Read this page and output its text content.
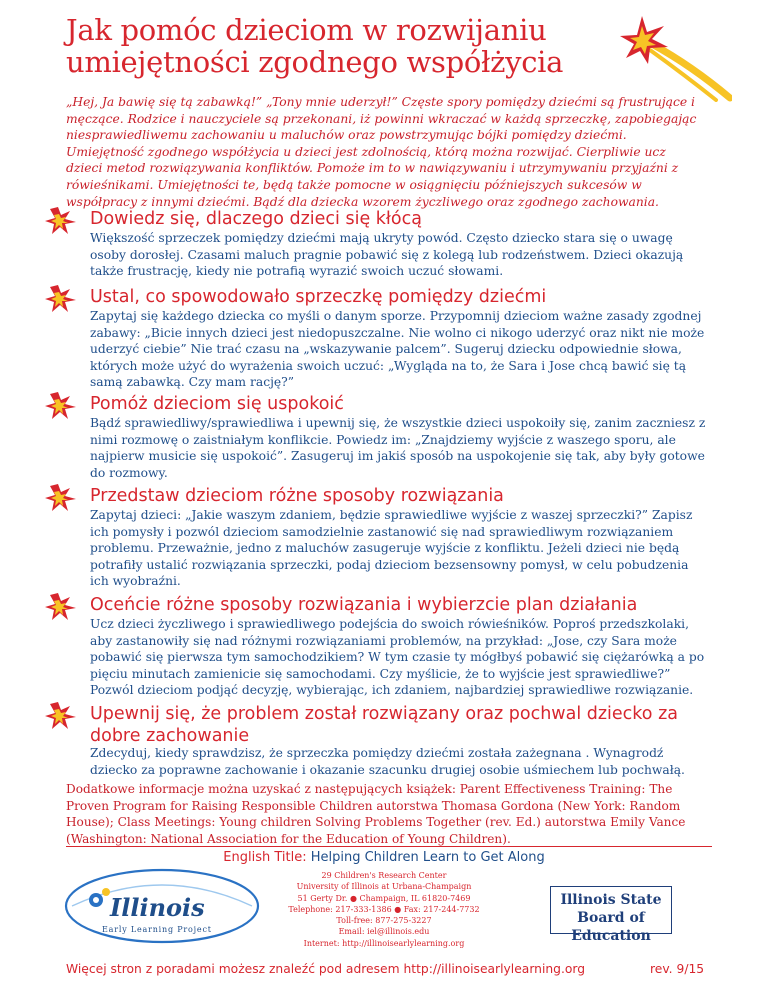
Jak pomóc dzieciom w rozwijaniu
umiejętności zgodnego współżycia

„Hej, Ja bawię się tą zabawką!” „Tony mnie uderzył!” Częste spory pomiędzy dziećmi są frustrujące i męczące. Rodzice i nauczyciele są przekonani, iż powinni wkraczać w każdą sprzeczkę, zapobiegając niesprawiedliwemu zachowaniu u maluchów oraz powstrzymując bójki pomiędzy dziećmi. Umiejętność zgodnego współżycia u dzieci jest zdolnością, którą można rozwijać. Cierpliwie ucz dzieci metod rozwiązywania konfliktów. Pomoże im to w nawiązywaniu i utrzymywaniu przyjaźni z rówieśnikami. Umiejętności te, będą także pomocne w osiągnięciu późniejszych sukcesów w współpracy z innymi dziećmi. Bądź dla dziecka wzorem życzliwego oraz zgodnego zachowania.

Dowiedz się, dlaczego dzieci się kłócą

Większość sprzeczek pomiędzy dziećmi mają ukryty powód. Często dziecko stara się o uwagę osoby dorosłej. Czasami maluch pragnie pobawić się z kolegą lub rodzeństwem. Dzieci okazują także frustrację, kiedy nie potrafią wyrazić swoich uczuć słowami.

Ustal, co spowodowało sprzeczkę pomiędzy dziećmi

Zapytaj się każdego dziecka co myśli o danym sporze. Przypomnij dzieciom ważne zasady zgodnej zabawy: „Bicie innych dzieci jest niedopuszczalne. Nie wolno ci nikogo uderzyć oraz nikt nie może uderzyć ciebie” Nie trać czasu na „wskazywanie palcem”. Sugeruj dziecku odpowiednie słowa, których może użyć do wyrażenia swoich uczuć: „Wygląda na to, że Sara i Jose chcą bawić się tą samą zabawką. Czy mam rację?”

Pomóż dzieciom się uspokoić

Bądź sprawiedliwy/sprawiedliwa i upewnij się, że wszystkie dzieci uspokoiły się, zanim zaczniesz z nimi rozmowę o zaistniałym konflikcie. Powiedz im: „Znajdziemy wyjście z waszego sporu, ale najpierw musicie się uspokoić”. Zasugeruj im jakiś sposób na uspokojenie się tak, aby były gotowe do rozmowy.

Przedstaw dzieciom różne sposoby rozwiązania

Zapytaj dzieci: „Jakie waszym zdaniem, będzie sprawiedliwe wyjście z waszej sprzeczki?” Zapisz ich pomysły i pozwól dzieciom samodzielnie zastanowić się nad sprawiedliwym rozwiązaniem problemu. Przeważnie, jedno z maluchów zasugeruje wyjście z konfliktu. Jeżeli dzieci nie będą potrafiły ustalić rozwiązania sprzeczki, podaj dzieciom bezsensowny pomysł, w celu pobudzenia ich wyobraźni.

Oceńcie różne sposoby rozwiązania i wybierzcie plan działania

Ucz dzieci życzliwego i sprawiedliwego podejścia do swoich rówieśników. Poproś przedszkolaki, aby zastanowiły się nad różnymi rozwiązaniami problemów, na przykład: „Jose, czy Sara może pobawić się pierwsza tym samochodzikiem? W tym czasie ty mógłbyś pobawić się ciężarówką a po pięciu minutach zamienicie się samochodami. Czy myślicie, że to wyjście jest sprawiedliwe?” Pozwól dzieciom podjąć decyzję, wybierając, ich zdaniem, najbardziej sprawiedliwe rozwiązanie.

Upewnij się, że problem został rozwiązany oraz pochwal dziecko za dobre zachowanie

Zdecyduj, kiedy sprawdzisz, że sprzeczka pomiędzy dziećmi została zażegnana . Wynagrodź dziecko za poprawne zachowanie i okazanie szacunku drugiej osobie uśmiechem lub pochwałą.

Dodatkowe informacje można uzyskać z następujących książek: Parent Effectiveness Training: The Proven Program for Raising Responsible Children autorstwa Thomasa Gordona (New York: Random House); Class Meetings: Young children Solving Problems Together (rev. Ed.) autorstwa Emily Vance (Washington: National Association for the Education of Young Children).

English Title: Helping Children Learn to Get Along
Illinois
Early Learning Project
29 Children's Research Center
University of Illinois at Urbana-Champaign
51 Gerty Dr. ● Champaign, IL 61820-7469
Telephone: 217-333-1386 ● Fax: 217-244-7732
Toll-free: 877-275-3227
Email: iel@illinois.edu
Internet: http://illinoisearlylearning.org
Illinois State
Board of Education
Więcej stron z poradami możesz znaleźć pod adresem http://illinoisearlylearning.org	rev. 9/15
